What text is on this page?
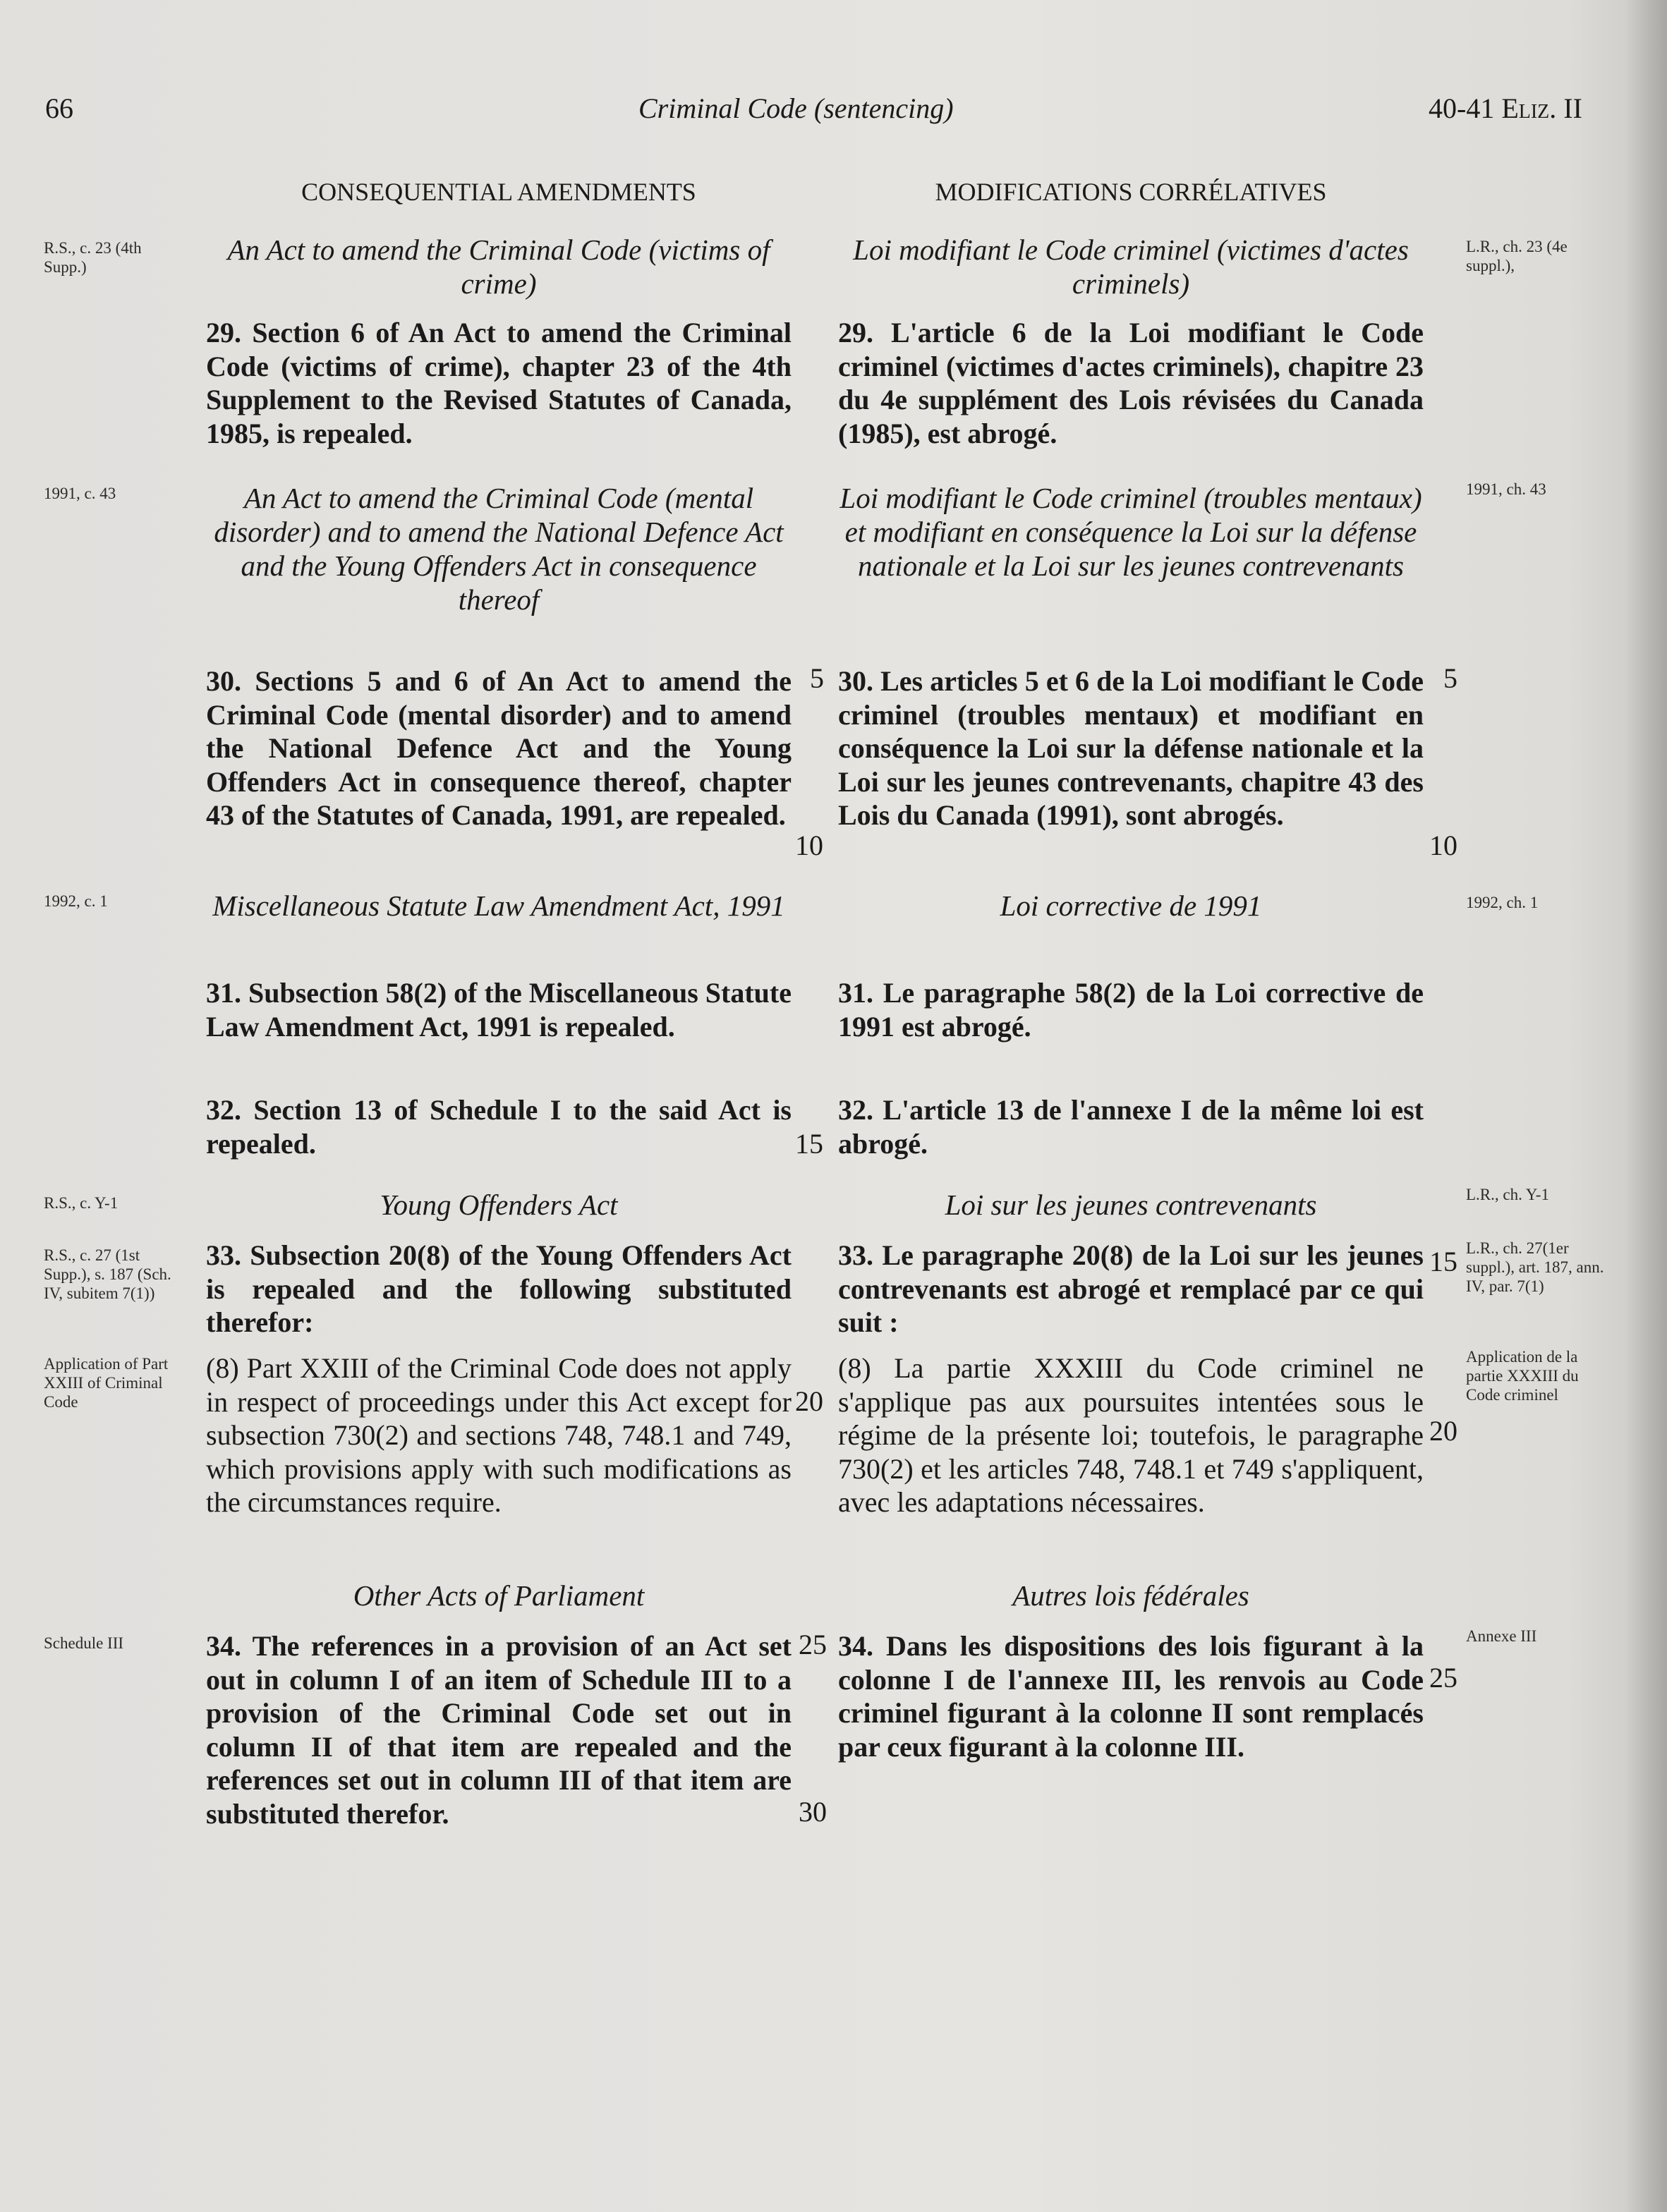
66	Criminal Code (sentencing)	40-41 Eliz. II
R.S., c. 23 (4th Supp.)
1991, c. 43
1992, c. 1
R.S., c. Y-1
R.S., c. 27 (1st Supp.), s. 187 (Sch. IV, subitem 7(1))
Application of Part XXIII of Criminal Code
Schedule III
CONSEQUENTIAL AMENDMENTS
An Act to amend the Criminal Code (victims of crime)

29. Section 6 of An Act to amend the Criminal Code (victims of crime), chapter 23 of the 4th Supplement to the Revised Statutes of Canada, 1985, is repealed.

An Act to amend the Criminal Code (mental disorder) and to amend the National Defence Act and the Young Offenders Act in consequence thereof

30. Sections 5 and 6 of An Act to amend the Criminal Code (mental disorder) and to amend the National Defence Act and the Young Offenders Act in consequence thereof, chapter 43 of the Statutes of Canada, 1991, are repealed.

Miscellaneous Statute Law Amendment Act, 1991

31. Subsection 58(2) of the Miscellaneous Statute Law Amendment Act, 1991 is repealed.

32. Section 13 of Schedule I to the said Act is repealed.

Young Offenders Act

33. Subsection 20(8) of the Young Offenders Act is repealed and the following substituted therefor:

(8) Part XXIII of the Criminal Code does not apply in respect of proceedings under this Act except for subsection 730(2) and sections 748, 748.1 and 749, which provisions apply with such modifications as the circumstances require.

Other Acts of Parliament

34. The references in a provision of an Act set out in column I of an item of Schedule III to a provision of the Criminal Code set out in column II of that item are repealed and the references set out in column III of that item are substituted therefor.

5
10
15
20
25
30
MODIFICATIONS CORRÉLATIVES
Loi modifiant le Code criminel (victimes d'actes criminels)

29. L'article 6 de la Loi modifiant le Code criminel (victimes d'actes criminels), chapitre 23 du 4e supplément des Lois révisées du Canada (1985), est abrogé.

Loi modifiant le Code criminel (troubles mentaux) et modifiant en conséquence la Loi sur la défense nationale et la Loi sur les jeunes contrevenants

30. Les articles 5 et 6 de la Loi modifiant le Code criminel (troubles mentaux) et modifiant en conséquence la Loi sur la défense nationale et la Loi sur les jeunes contrevenants, chapitre 43 des Lois du Canada (1991), sont abrogés.

Loi corrective de 1991

31. Le paragraphe 58(2) de la Loi corrective de 1991 est abrogé.

32. L'article 13 de l'annexe I de la même loi est abrogé.

Loi sur les jeunes contrevenants

33. Le paragraphe 20(8) de la Loi sur les jeunes contrevenants est abrogé et remplacé par ce qui suit :

(8) La partie XXXIII du Code criminel ne s'applique pas aux poursuites intentées sous le régime de la présente loi; toutefois, le paragraphe 730(2) et les articles 748, 748.1 et 749 s'appliquent, avec les adaptations nécessaires.

Autres lois fédérales

34. Dans les dispositions des lois figurant à la colonne I de l'annexe III, les renvois au Code criminel figurant à la colonne II sont remplacés par ceux figurant à la colonne III.

5
10
15
20
25
L.R., ch. 23 (4e suppl.),
1991, ch. 43
1992, ch. 1
L.R., ch. Y-1
L.R., ch. 27(1er suppl.), art. 187, ann. IV, par. 7(1)
Application de la partie XXXIII du Code criminel
Annexe III
